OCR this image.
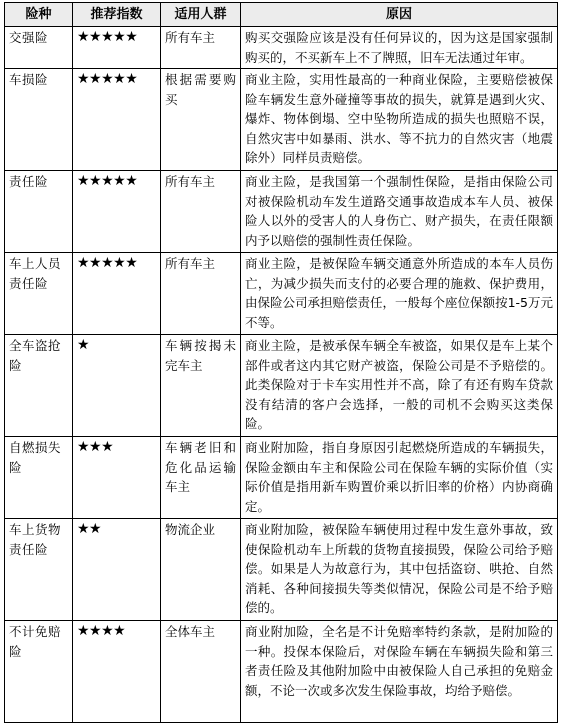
险种	推荐指数	适用人群	原因
交强险	★★★★★	所有车主	购买交强险应该是没有任何异议的，因为这是国家强制购买的，不买新车上不了牌照，旧车无法通过年审。
车损险	★★★★★	根据需要购买	商业主险，实用性最高的一种商业保险，主要赔偿被保险车辆发生意外碰撞等事故的损失，就算是遇到火灾、爆炸、物体倒塌、空中坠物所造成的损失也照赔不误，自然灾害中如暴雨、洪水、等不抗力的自然灾害（地震除外）同样员责赔偿。
责任险	★★★★★	所有车主	商业主险，是我国第一个强制性保险，是指由保险公司对被保险机动车发生道路交通事故造成本车人员、被保险人以外的受害人的人身伤亡、财产损失，在责任限额内予以赔偿的强制性责任保险。
车上人员责任险	★★★★★	所有车主	商业主险，是被保险车辆交通意外所造成的本车人员伤亡，为减少损失而支付的必要合理的施救、保护费用，由保险公司承担赔偿责任，一般每个座位保额按1-5万元不等。
全车盗抢险	★	车辆按揭未完车主	商业主险，是被承保车辆全车被盗，如果仅是车上某个部件或者这内其它财产被盗，保险公司是不予赔偿的。此类保险对于卡车实用性并不高，除了有还有购车贷款没有结清的客户会选择，一般的司机不会购买这类保险。
自燃损失险	★★★	车辆老旧和危化品运输车主	商业附加险，指自身原因引起燃烧所造成的车辆损失，保险金额由车主和保险公司在保险车辆的实际价值（实际价值是指用新车购置价乘以折旧率的价格）内协商确定。
车上货物责任险	★★	物流企业	商业附加险，被保险车辆使用过程中发生意外事故，致使保险机动车上所载的货物直接损毁，保险公司给予赔偿。如果是人为故意行为，其中包括盗窃、哄抢、自然消耗、各种间接损失等类似情况，保险公司是不给予赔偿的。
不计免赔险	★★★★	全体车主	商业附加险，全名是不计免赔率特约条款，是附加险的一种。投保本保险后，对保险车辆在车辆损失险和第三者责任险及其他附加险中由被保险人自己承担的免赔金额，不论一次或多次发生保险事故，均给予赔偿。
